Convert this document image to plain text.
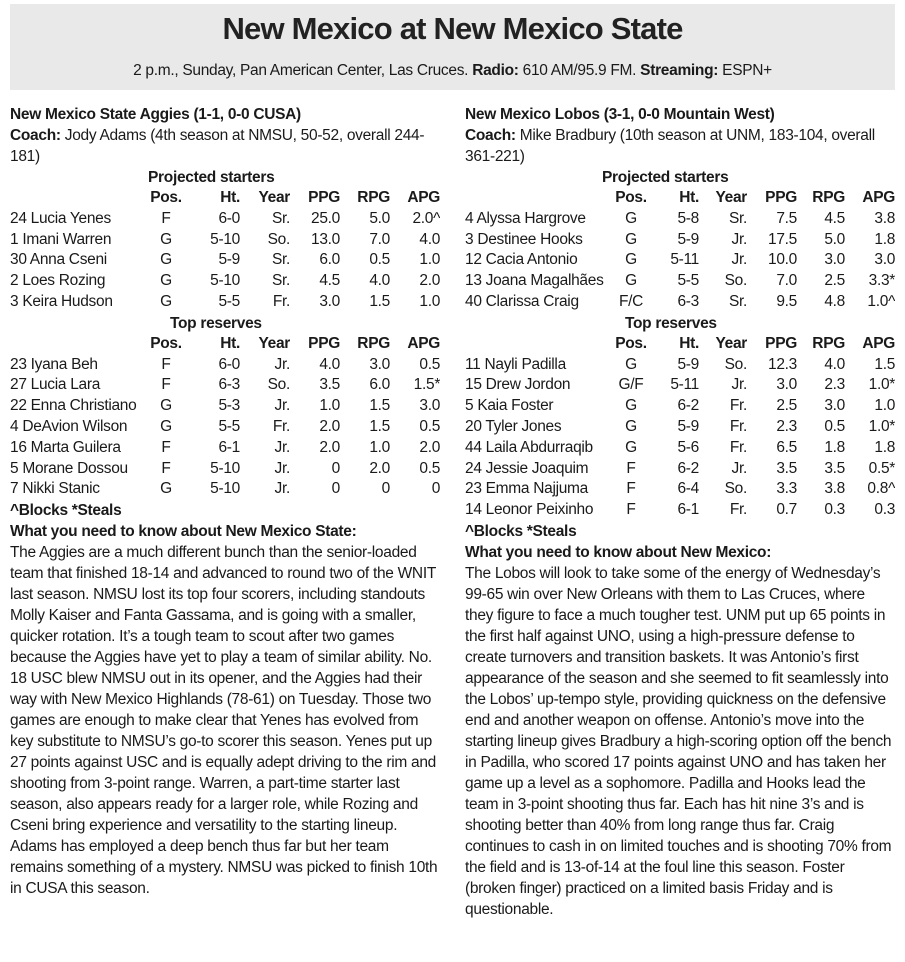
New Mexico at New Mexico State
2 p.m., Sunday, Pan American Center, Las Cruces. Radio: 610 AM/95.9 FM. Streaming: ESPN+
New Mexico State Aggies (1-1, 0-0 CUSA)
Coach: Jody Adams (4th season at NMSU, 50-52, overall 244-181)
Projected starters						
	Pos.	Ht.	Year	PPG	RPG	APG
24 Lucia Yenes	F	6-0	Sr.	25.0	5.0	2.0^
1 Imani Warren	G	5-10	So.	13.0	7.0	4.0
30 Anna Cseni	G	5-9	Sr.	6.0	0.5	1.0
2 Loes Rozing	G	5-10	Sr.	4.5	4.0	2.0
3 Keira Hudson	G	5-5	Fr.	3.0	1.5	1.0
Top reserves						
	Pos.	Ht.	Year	PPG	RPG	APG
23 Iyana Beh	F	6-0	Jr.	4.0	3.0	0.5
27 Lucia Lara	F	6-3	So.	3.5	6.0	1.5*
22 Enna Christiano	G	5-3	Jr.	1.0	1.5	3.0
4 DeAvion Wilson	G	5-5	Fr.	2.0	1.5	0.5
16 Marta Guilera	F	6-1	Jr.	2.0	1.0	2.0
5 Morane Dossou	F	5-10	Jr.	0	2.0	0.5
7 Nikki Stanic	G	5-10	Jr.	0	0	0
^Blocks *Steals
What you need to know about New Mexico State:
The Aggies are a much different bunch than the senior-loaded team that finished 18-14 and advanced to round two of the WNIT last season. NMSU lost its top four scorers, including standouts Molly Kaiser and Fanta Gassama, and is going with a smaller, quicker rotation. It’s a tough team to scout after two games because the Aggies have yet to play a team of similar ability. No. 18 USC blew NMSU out in its opener, and the Aggies had their way with New Mexico Highlands (78-61) on Tuesday. Those two games are enough to make clear that Yenes has evolved from key substitute to NMSU’s go-to scorer this season. Yenes put up 27 points against USC and is equally adept driving to the rim and shooting from 3-point range. Warren, a part-time starter last season, also appears ready for a larger role, while Rozing and Cseni bring experience and versatility to the starting lineup. Adams has employed a deep bench thus far but her team remains something of a mystery. NMSU was picked to finish 10th in CUSA this season.
New Mexico Lobos (3-1, 0-0 Mountain West)
Coach: Mike Bradbury (10th season at UNM, 183-104, overall 361-221)
Projected starters						
	Pos.	Ht.	Year	PPG	RPG	APG
4 Alyssa Hargrove	G	5-8	Sr.	7.5	4.5	3.8
3 Destinee Hooks	G	5-9	Jr.	17.5	5.0	1.8
12 Cacia Antonio	G	5-11	Jr.	10.0	3.0	3.0
13 Joana Magalhães	G	5-5	So.	7.0	2.5	3.3*
40 Clarissa Craig	F/C	6-3	Sr.	9.5	4.8	1.0^
Top reserves						
	Pos.	Ht.	Year	PPG	RPG	APG
11 Nayli Padilla	G	5-9	So.	12.3	4.0	1.5
15 Drew Jordon	G/F	5-11	Jr.	3.0	2.3	1.0*
5 Kaia Foster	G	6-2	Fr.	2.5	3.0	1.0
20 Tyler Jones	G	5-9	Fr.	2.3	0.5	1.0*
44 Laila Abdurraqib	G	5-6	Fr.	6.5	1.8	1.8
24 Jessie Joaquim	F	6-2	Jr.	3.5	3.5	0.5*
23 Emma Najjuma	F	6-4	So.	3.3	3.8	0.8^
14 Leonor Peixinho	F	6-1	Fr.	0.7	0.3	0.3
^Blocks *Steals
What you need to know about New Mexico:
The Lobos will look to take some of the energy of Wednesday’s 99-65 win over New Orleans with them to Las Cruces, where they figure to face a much tougher test. UNM put up 65 points in the first half against UNO, using a high-pressure defense to create turnovers and transition baskets. It was Antonio’s first appearance of the season and she seemed to fit seamlessly into the Lobos’ up-tempo style, providing quickness on the defensive end and another weapon on offense. Antonio’s move into the starting lineup gives Bradbury a high-scoring option off the bench in Padilla, who scored 17 points against UNO and has taken her game up a level as a sophomore. Padilla and Hooks lead the team in 3-point shooting thus far. Each has hit nine 3’s and is shooting better than 40% from long range thus far. Craig continues to cash in on limited touches and is shooting 70% from the field and is 13-of-14 at the foul line this season. Foster (broken finger) practiced on a limited basis Friday and is questionable.
